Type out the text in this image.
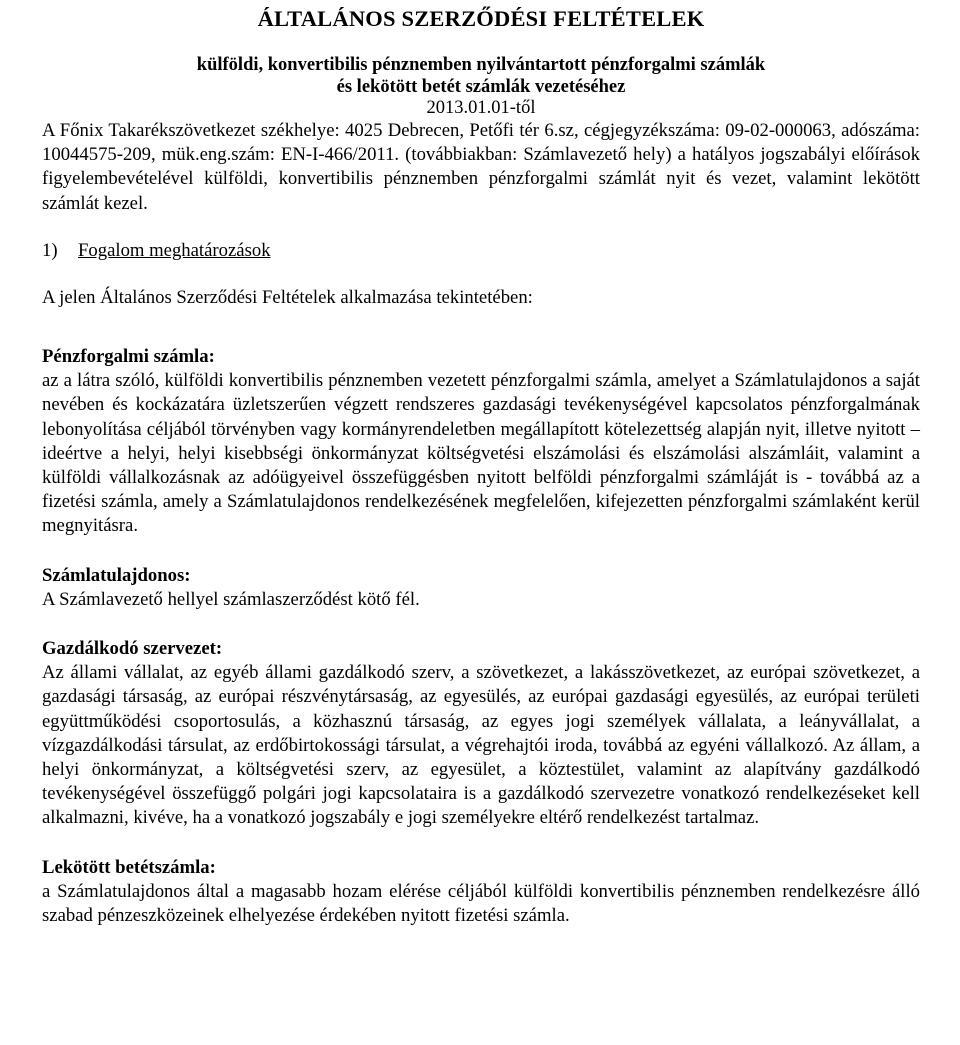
ÁLTALÁNOS SZERZŐDÉSI FELTÉTELEK
külföldi, konvertibilis pénznemben nyilvántartott pénzforgalmi számlák
és lekötött betét számlák vezetéséhez
2013.01.01-től

A Főnix Takarékszövetkezet székhelye: 4025 Debrecen, Petőfi tér 6.sz, cégjegyzékszáma: 09-02-000063, adószáma: 10044575-209, mük.eng.szám: EN-I-466/2011. (továbbiakban: Számlavezető hely) a hatályos jogszabályi előírások figyelembevételével külföldi, konvertibilis pénznemben pénzforgalmi számlát nyit és vezet, valamint lekötött számlát kezel.

1) Fogalom meghatározások

A jelen Általános Szerződési Feltételek alkalmazása tekintetében:

Pénzforgalmi számla:

az a látra szóló, külföldi konvertibilis pénznemben vezetett pénzforgalmi számla, amelyet a Számlatulajdonos a saját nevében és kockázatára üzletszerűen végzett rendszeres gazdasági tevékenységével kapcsolatos pénzforgalmának lebonyolítása céljából törvényben vagy kormányrendeletben megállapított kötelezettség alapján nyit, illetve nyitott – ideértve a helyi, helyi kisebbségi önkormányzat költségvetési elszámolási és elszámolási alszámláit, valamint a külföldi vállalkozásnak az adóügyeivel összefüggésben nyitott belföldi pénzforgalmi számláját is - továbbá az a fizetési számla, amely a Számlatulajdonos rendelkezésének megfelelően, kifejezetten pénzforgalmi számlaként kerül megnyitásra.

Számlatulajdonos:

A Számlavezető hellyel számlaszerződést kötő fél.

Gazdálkodó szervezet:

Az állami vállalat, az egyéb állami gazdálkodó szerv, a szövetkezet, a lakásszövetkezet, az európai szövetkezet, a gazdasági társaság, az európai részvénytársaság, az egyesülés, az európai gazdasági egyesülés, az európai területi együttműködési csoportosulás, a közhasznú társaság, az egyes jogi személyek vállalata, a leányvállalat, a vízgazdálkodási társulat, az erdőbirtokossági társulat, a végrehajtói iroda, továbbá az egyéni vállalkozó. Az állam, a helyi önkormányzat, a költségvetési szerv, az egyesület, a köztestület, valamint az alapítvány gazdálkodó tevékenységével összefüggő polgári jogi kapcsolataira is a gazdálkodó szervezetre vonatkozó rendelkezéseket kell alkalmazni, kivéve, ha a vonatkozó jogszabály e jogi személyekre eltérő rendelkezést tartalmaz.

Lekötött betétszámla:

a Számlatulajdonos által a magasabb hozam elérése céljából külföldi konvertibilis pénznemben rendelkezésre álló szabad pénzeszközeinek elhelyezése érdekében nyitott fizetési számla.
